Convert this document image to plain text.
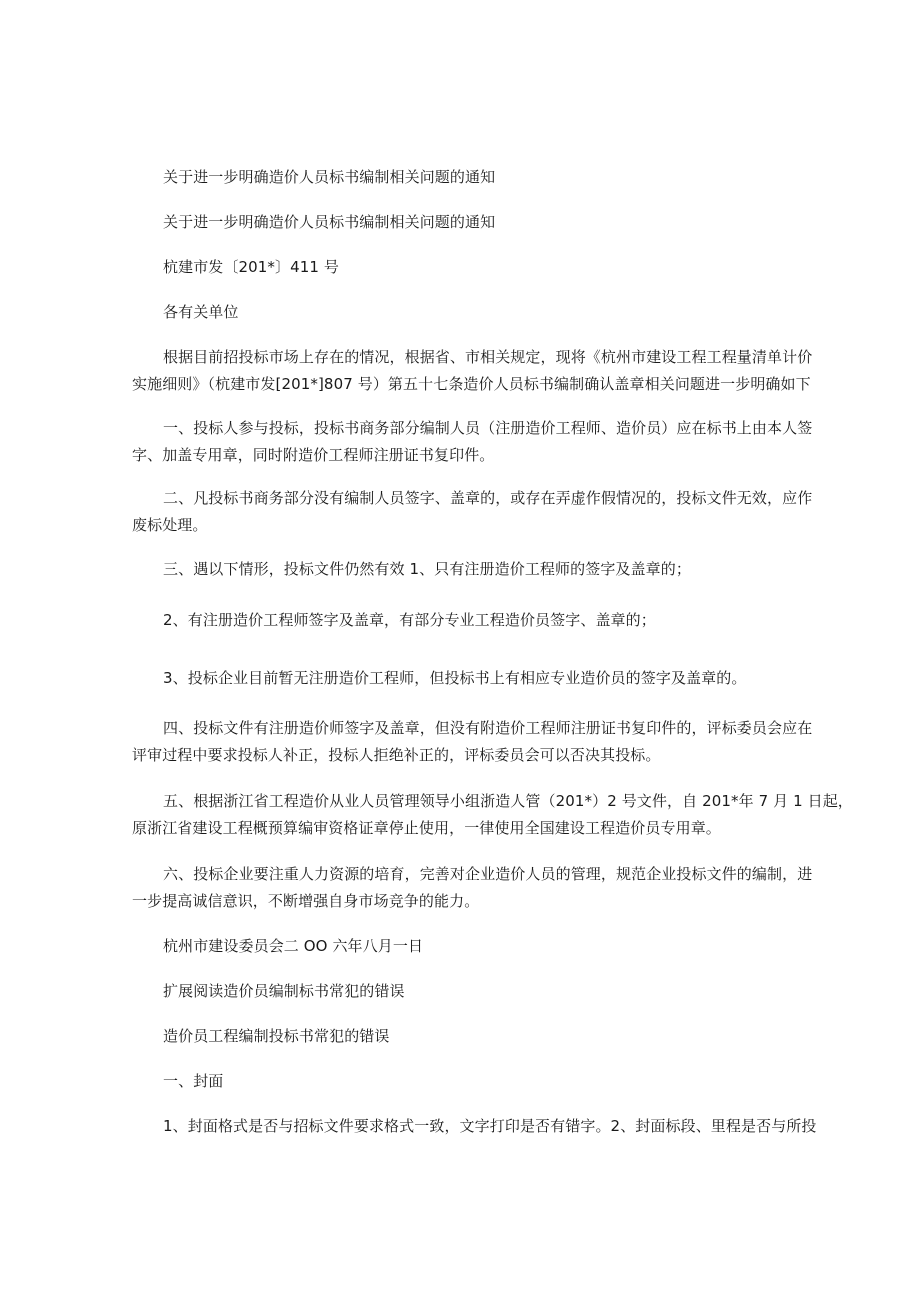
关于进一步明确造价人员标书编制相关问题的通知
关于进一步明确造价人员标书编制相关问题的通知
杭建市发〔201*〕411 号
各有关单位
根据目前招投标市场上存在的情况，根据省、市相关规定，现将《杭州市建设工程工程量清单计价
实施细则》（杭建市发[201*]807 号）第五十七条造价人员标书编制确认盖章相关问题进一步明确如下
一、投标人参与投标，投标书商务部分编制人员（注册造价工程师、造价员）应在标书上由本人签
字、加盖专用章，同时附造价工程师注册证书复印件。
二、凡投标书商务部分没有编制人员签字、盖章的，或存在弄虚作假情况的，投标文件无效，应作
废标处理。
三、遇以下情形，投标文件仍然有效 1、只有注册造价工程师的签字及盖章的；
2、有注册造价工程师签字及盖章，有部分专业工程造价员签字、盖章的；
3、投标企业目前暂无注册造价工程师，但投标书上有相应专业造价员的签字及盖章的。
四、投标文件有注册造价师签字及盖章，但没有附造价工程师注册证书复印件的，评标委员会应在
评审过程中要求投标人补正，投标人拒绝补正的，评标委员会可以否决其投标。
五、根据浙江省工程造价从业人员管理领导小组浙造人管（201*）2 号文件，自 201*年 7 月 1 日起，
原浙江省建设工程概预算编审资格证章停止使用，一律使用全国建设工程造价员专用章。
六、投标企业要注重人力资源的培育，完善对企业造价人员的管理，规范企业投标文件的编制，进
一步提高诚信意识，不断增强自身市场竞争的能力。
杭州市建设委员会二 OO 六年八月一日
扩展阅读造价员编制标书常犯的错误
造价员工程编制投标书常犯的错误
一、封面
1、封面格式是否与招标文件要求格式一致，文字打印是否有错字。2、封面标段、里程是否与所投
